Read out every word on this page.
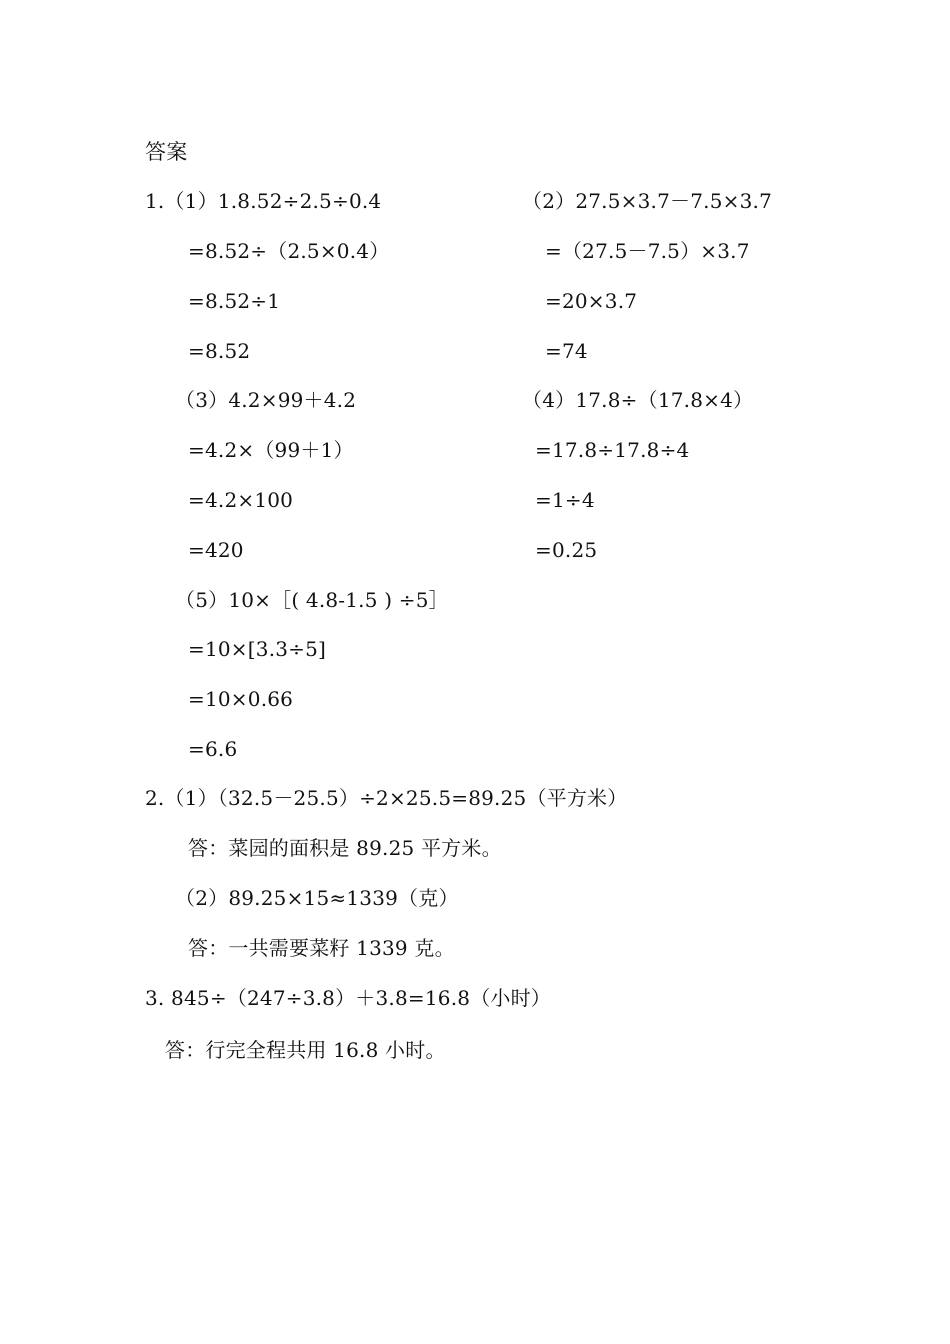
答案
1.（1）1.8.52÷2.5÷0.4
=8.52÷（2.5×0.4）
=8.52÷1
=8.52
（2）27.5×3.7－7.5×3.7
=（27.5－7.5）×3.7
=20×3.7
=74
（3）4.2×99＋4.2
=4.2×（99＋1）
=4.2×100
=420
（4）17.8÷（17.8×4）
=17.8÷17.8÷4
=1÷4
=0.25
（5）10×［( 4.8-1.5 ) ÷5］
=10×[3.3÷5]
=10×0.66
=6.6
2.（1）（32.5－25.5）÷2×25.5=89.25（平方米）
答：菜园的面积是 89.25 平方米。
（2）89.25×15≈1339（克）
答：一共需要菜籽 1339 克。
3. 845÷（247÷3.8）＋3.8=16.8（小时）
答：行完全程共用 16.8 小时。
